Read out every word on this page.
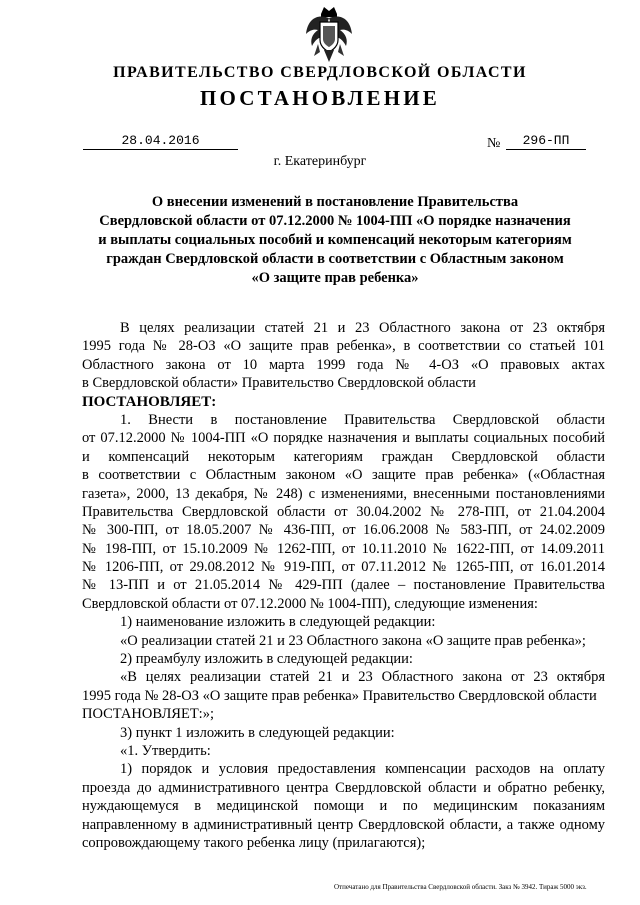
ПРАВИТЕЛЬСТВО СВЕРДЛОВСКОЙ ОБЛАСТИ
ПОСТАНОВЛЕНИЕ
28.04.2016	№	296-ПП
г. Екатеринбург
О внесении изменений в постановление Правительства
Свердловской области от 07.12.2000 № 1004-ПП «О порядке назначения
и выплаты социальных пособий и компенсаций некоторым категориям
граждан Свердловской области в соответствии с Областным законом
«О защите прав ребенка»
В целях реализации статей 21 и 23 Областного закона от 23 октября
1995 года № 28-ОЗ «О защите прав ребенка», в соответствии со статьей 101
Областного закона от 10 марта 1999 года № 4-ОЗ «О правовых актах
в Свердловской области» Правительство Свердловской области
ПОСТАНОВЛЯЕТ:
1. Внести в постановление Правительства Свердловской области
от 07.12.2000 № 1004-ПП «О порядке назначения и выплаты социальных пособий
и компенсаций некоторым категориям граждан Свердловской области
в соответствии с Областным законом «О защите прав ребенка» («Областная
газета», 2000, 13 декабря, № 248) с изменениями, внесенными постановлениями
Правительства Свердловской области от 30.04.2002 № 278-ПП, от 21.04.2004
№ 300-ПП, от 18.05.2007 № 436-ПП, от 16.06.2008 № 583-ПП, от 24.02.2009
№ 198-ПП, от 15.10.2009 № 1262-ПП, от 10.11.2010 № 1622-ПП, от 14.09.2011
№ 1206-ПП, от 29.08.2012 № 919-ПП, от 07.11.2012 № 1265-ПП, от 16.01.2014
№ 13-ПП и от 21.05.2014 № 429-ПП (далее – постановление Правительства
Свердловской области от 07.12.2000 № 1004-ПП), следующие изменения:
1) наименование изложить в следующей редакции:
«О реализации статей 21 и 23 Областного закона «О защите прав ребенка»;
2) преамбулу изложить в следующей редакции:
«В целях реализации статей 21 и 23 Областного закона от 23 октября
1995 года № 28-ОЗ «О защите прав ребенка» Правительство Свердловской области
ПОСТАНОВЛЯЕТ:»;
3) пункт 1 изложить в следующей редакции:
«1. Утвердить:
1) порядок и условия предоставления компенсации расходов на оплату
проезда до административного центра Свердловской области и обратно ребенку,
нуждающемуся в медицинской помощи и по медицинским показаниям
направленному в административный центр Свердловской области, а также одному
сопровождающему такого ребенка лицу (прилагаются);
Отпечатано для Правительства Свердловской области. Закз № 3942. Тираж 5000 экз.
